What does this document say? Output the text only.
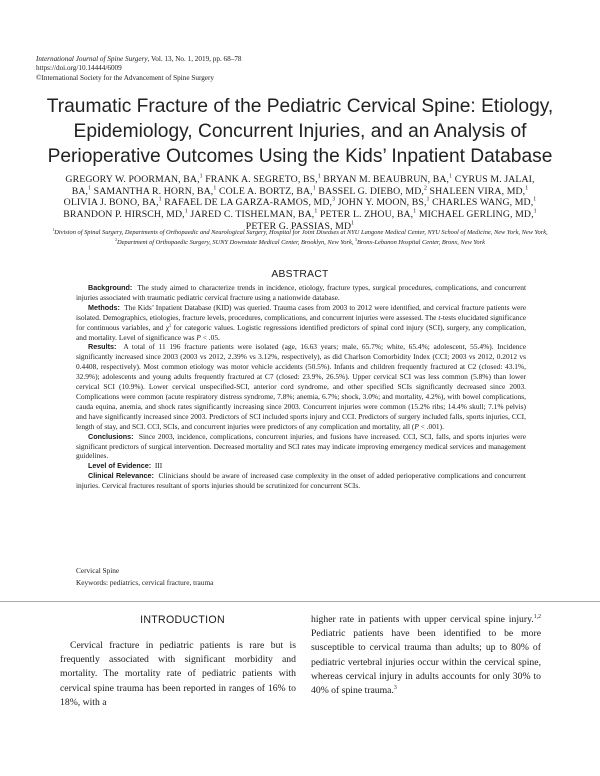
International Journal of Spine Surgery, Vol. 13, No. 1, 2019, pp. 68–78
https://doi.org/10.14444/6009
©International Society for the Advancement of Spine Surgery
Traumatic Fracture of the Pediatric Cervical Spine: Etiology, Epidemiology, Concurrent Injuries, and an Analysis of Perioperative Outcomes Using the Kids’ Inpatient Database
GREGORY W. POORMAN, BA,$^1$ FRANK A. SEGRETO, BS,$^1$ BRYAN M. BEAUBRUN, BA,$^1$ CYRUS M. JALAI, BA,$^1$ SAMANTHA R. HORN, BA,$^1$ COLE A. BORTZ, BA,$^1$ BASSEL G. DIEBO, MD,$^2$ SHALEEN VIRA, MD,$^1$ OLIVIA J. BONO, BA,$^1$ RAFAEL DE LA GARZA-RAMOS, MD,$^3$ JOHN Y. MOON, BS,$^1$ CHARLES WANG, MD,$^1$ BRANDON P. HIRSCH, MD,$^1$ JARED C. TISHELMAN, BA,$^1$ PETER L. ZHOU, BA,$^1$ MICHAEL GERLING, MD,$^1$ PETER G. PASSIAS, $MD^1$
$^1$Division of Spinal Surgery, Departments of Orthopaedic and Neurological Surgery, Hospital for Joint Diseases at NYU Langone Medical Center, NYU School of Medicine, New York, New York, $^2$Department of Orthopaedic Surgery, SUNY Downstate Medical Center, Brooklyn, New York, $^3$Bronx-Lebanon Hospital Center, Bronx, New York
ABSTRACT

Background: The study aimed to characterize trends in incidence, etiology, fracture types, surgical procedures, complications, and concurrent injuries associated with traumatic pediatric cervical fracture using a nationwide database.

Methods: The Kids’ Inpatient Database (KID) was queried. Trauma cases from 2003 to 2012 were identified, and cervical fracture patients were isolated. Demographics, etiologies, fracture levels, procedures, complications, and concurrent injuries were assessed. The t-tests elucidated significance for continuous variables, and $\chi^2$ for categoric values. Logistic regressions identified predictors of spinal cord injury (SCI), surgery, any complication, and mortality. Level of significance was P < .05.

Results: A total of 11 196 fracture patients were isolated (age, 16.63 years; male, 65.7%; white, 65.4%; adolescent, 55.4%). Incidence significantly increased since 2003 (2003 vs 2012, 2.39% vs 3.12%, respectively), as did Charlson Comorbidity Index (CCI; 2003 vs 2012, 0.2012 vs 0.4408, respectively). Most common etiology was motor vehicle accidents (50.5%). Infants and children frequently fractured at C2 (closed: 43.1%, 32.9%); adolescents and young adults frequently fractured at C7 (closed: 23.9%, 26.5%). Upper cervical SCI was less common (5.8%) than lower cervical SCI (10.9%). Lower cervical unspecified-SCI, anterior cord syndrome, and other specified SCIs significantly decreased since 2003. Complications were common (acute respiratory distress syndrome, 7.8%; anemia, 6.7%; shock, 3.0%; and mortality, 4.2%), with bowel complications, cauda equina, anemia, and shock rates significantly increasing since 2003. Concurrent injuries were common (15.2% ribs; 14.4% skull; 7.1% pelvis) and have significantly increased since 2003. Predictors of SCI included sports injury and CCI. Predictors of surgery included falls, sports injuries, CCI, length of stay, and SCI. CCI, SCIs, and concurrent injuries were predictors of any complication and mortality, all (P < .001).

Conclusions: Since 2003, incidence, complications, concurrent injuries, and fusions have increased. CCI, SCI, falls, and sports injuries were significant predictors of surgical intervention. Decreased mortality and SCI rates may indicate improving emergency medical services and management guidelines.

Level of Evidence: III

Clinical Relevance: Clinicians should be aware of increased case complexity in the onset of added perioperative complications and concurrent injuries. Cervical fractures resultant of sports injuries should be scrutinized for concurrent SCIs.

Cervical Spine
Keywords: pediatrics, cervical fracture, trauma
INTRODUCTION
Cervical fracture in pediatric patients is rare but is frequently associated with significant morbidity and mortality. The mortality rate of pediatric patients with cervical spine trauma has been reported in ranges of 16% to 18%, with a
higher rate in patients with upper cervical spine injury.$^{1,2}$ Pediatric patients have been identified to be more susceptible to cervical trauma than adults; up to 80% of pediatric vertebral injuries occur within the cervical spine, whereas cervical injury in adults accounts for only 30% to 40% of spine trauma.$^3$
